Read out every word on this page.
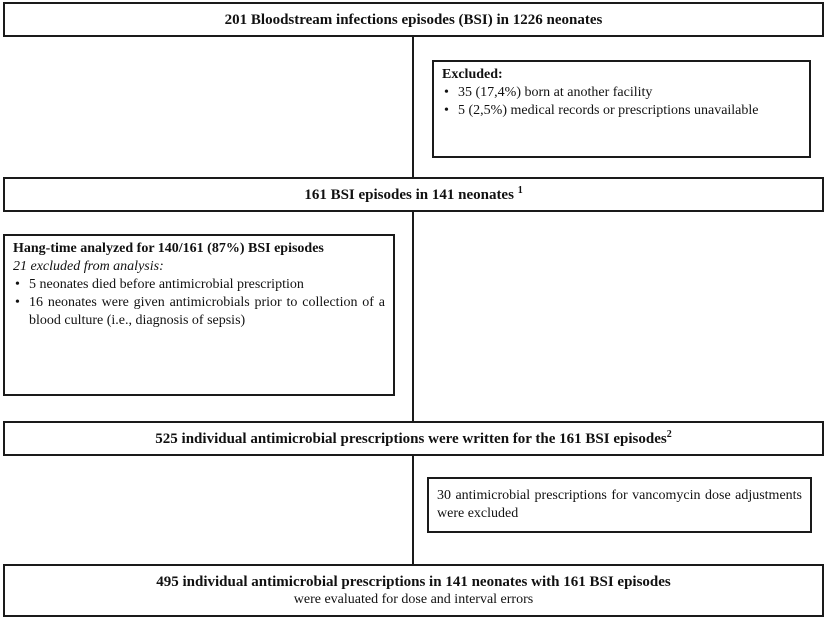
201 Bloodstream infections episodes (BSI) in 1226 neonates
Excluded:
• 35 (17,4%) born at another facility
• 5 (2,5%) medical records or prescriptions unavailable
161 BSI episodes in 141 neonates $^1$
Hang-time analyzed for 140/161 (87%) BSI episodes
21 excluded from analysis:
• 5 neonates died before antimicrobial prescription
• 16 neonates were given antimicrobials prior to collection of a blood culture (i.e., diagnosis of sepsis)
525 individual antimicrobial prescriptions were written for the 161 BSI episodes$^2$
30 antimicrobial prescriptions for vancomycin dose adjustments were excluded
495 individual antimicrobial prescriptions in 141 neonates with 161 BSI episodes
were evaluated for dose and interval errors
